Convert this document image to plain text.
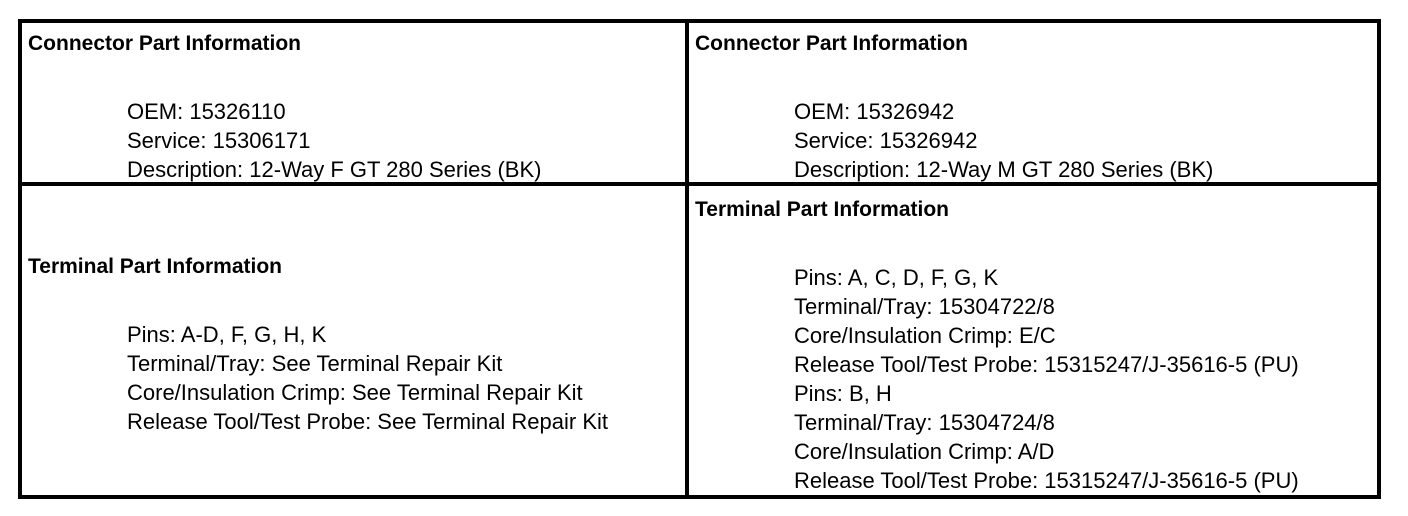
Connector Part Information
OEM: 15326110
Service: 15306171
Description: 12-Way F GT 280 Series (BK)
Connector Part Information
OEM: 15326942
Service: 15326942
Description: 12-Way M GT 280 Series (BK)
Terminal Part Information
Pins: A-D, F, G, H, K
Terminal/Tray: See Terminal Repair Kit
Core/Insulation Crimp: See Terminal Repair Kit
Release Tool/Test Probe: See Terminal Repair Kit
Terminal Part Information
Pins: A, C, D, F, G, K
Terminal/Tray: 15304722/8
Core/Insulation Crimp: E/C
Release Tool/Test Probe: 15315247/J-35616-5 (PU)
Pins: B, H
Terminal/Tray: 15304724/8
Core/Insulation Crimp: A/D
Release Tool/Test Probe: 15315247/J-35616-5 (PU)
